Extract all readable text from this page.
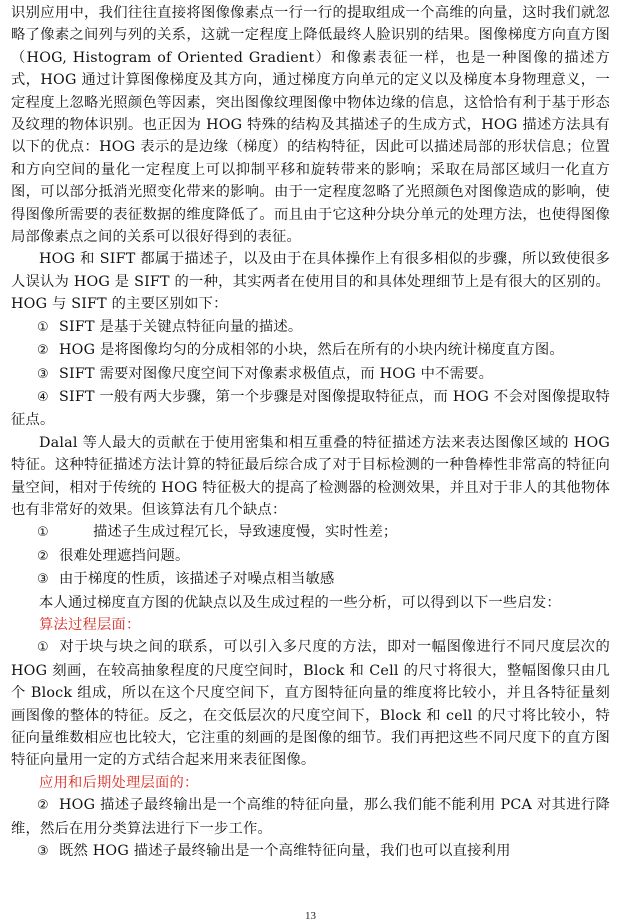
识别应用中，我们往往直接将图像像素点一行一行的提取组成一个高维的向量，这时我们就忽略了像素之间列与列的关系，这就一定程度上降低最终人脸识别的结果。图像梯度方向直方图（HOG, Histogram of Oriented Gradient）和像素表征一样，也是一种图像的描述方式，HOG 通过计算图像梯度及其方向，通过梯度方向单元的定义以及梯度本身物理意义，一定程度上忽略光照颜色等因素，突出图像纹理图像中物体边缘的信息，这恰恰有利于基于形态及纹理的物体识别。也正因为 HOG 特殊的结构及其描述子的生成方式，HOG 描述方法具有以下的优点：HOG 表示的是边缘（梯度）的结构特征，因此可以描述局部的形状信息；位置和方向空间的量化一定程度上可以抑制平移和旋转带来的影响；采取在局部区域归一化直方图，可以部分抵消光照变化带来的影响。由于一定程度忽略了光照颜色对图像造成的影响，使得图像所需要的表征数据的维度降低了。而且由于它这种分块分单元的处理方法，也使得图像局部像素点之间的关系可以很好得到的表征。

HOG 和 SIFT 都属于描述子，以及由于在具体操作上有很多相似的步骤，所以致使很多人误认为 HOG 是 SIFT 的一种，其实两者在使用目的和具体处理细节上是有很大的区别的。HOG 与 SIFT 的主要区别如下：

① SIFT 是基于关键点特征向量的描述。

② HOG 是将图像均匀的分成相邻的小块，然后在所有的小块内统计梯度直方图。

③ SIFT 需要对图像尺度空间下对像素求极值点，而 HOG 中不需要。

④ SIFT 一般有两大步骤，第一个步骤是对图像提取特征点，而 HOG 不会对图像提取特征点。

Dalal 等人最大的贡献在于使用密集和相互重叠的特征描述方法来表达图像区域的 HOG 特征。这种特征描述方法计算的特征最后综合成了对于目标检测的一种鲁棒性非常高的特征向量空间，相对于传统的 HOG 特征极大的提高了检测器的检测效果，并且对于非人的其他物体也有非常好的效果。但该算法有几个缺点：

①	描述子生成过程冗长，导致速度慢，实时性差；

② 很难处理遮挡问题。

③ 由于梯度的性质，该描述子对噪点相当敏感

本人通过梯度直方图的优缺点以及生成过程的一些分析，可以得到以下一些启发：

算法过程层面：

① 对于块与块之间的联系，可以引入多尺度的方法，即对一幅图像进行不同尺度层次的 HOG 刻画，在较高抽象程度的尺度空间时，Block 和 Cell 的尺寸将很大，整幅图像只由几个 Block 组成，所以在这个尺度空间下，直方图特征向量的维度将比较小，并且各特征量刻画图像的整体的特征。反之，在交低层次的尺度空间下，Block 和 cell 的尺寸将比较小，特征向量维数相应也比较大，它注重的刻画的是图像的细节。我们再把这些不同尺度下的直方图特征向量用一定的方式结合起来用来表征图像。

应用和后期处理层面的：

② HOG 描述子最终输出是一个高维的特征向量，那么我们能不能利用 PCA 对其进行降维，然后在用分类算法进行下一步工作。

③ 既然 HOG 描述子最终输出是一个高维特征向量，我们也可以直接利用

13
